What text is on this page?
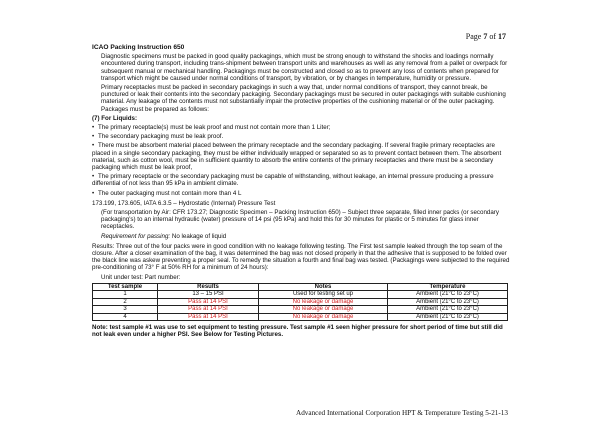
Page 7 of 17
ICAO Packing Instruction 650
Diagnostic specimens must be packed in good quality packagings, which must be strong enough to withstand the shocks and loadings normally encountered during transport, including trans-shipment between transport units and warehouses as well as any removal from a pallet or overpack for subsequent manual or mechanical handling. Packagings must be constructed and closed so as to prevent any loss of contents when prepared for transport which might be caused under normal conditions of transport, by vibration, or by changes in temperature, humidity or pressure.
Primary receptacles must be packed in secondary packagings in such a way that, under normal conditions of transport, they cannot break, be punctured or leak their contents into the secondary packaging. Secondary packagings must be secured in outer packagings with suitable cushioning material. Any leakage of the contents must not substantially impair the protective properties of the cushioning material or of the outer packaging. Packages must be prepared as follows:
(7) For Liquids:
• The primary receptacle(s) must be leak proof and must not contain more than 1 Liter;
• The secondary packaging must be leak proof.
• There must be absorbent material placed between the primary receptacle and the secondary packaging. If several fragile primary receptacles are placed in a single secondary packaging, they must be either individually wrapped or separated so as to prevent contact between them. The absorbent material, such as cotton wool, must be in sufficient quantity to absorb the entire contents of the primary receptacles and there must be a secondary packaging which must be leak proof,
• The primary receptacle or the secondary packaging must be capable of withstanding, without leakage, an internal pressure producing a pressure differential of not less than 95 kPa in ambient climate.
• The outer packaging must not contain more than 4 L
173.199, 173.605, IATA 6.3.5 – Hydrostatic (Internal) Pressure Test
(For transportation by Air: CFR 173.27; Diagnostic Specimen – Packing Instruction 650) – Subject three separate, filled inner packs (or secondary packaging's) to an internal hydraulic (water) pressure of 14 psi (95 kPa) and hold this for 30 minutes for plastic or 5 minutes for glass inner receptacles.
Requirement for passing: No leakage of liquid
Results: Three out of the four packs were in good condition with no leakage following testing. The First test sample leaked through the top seam of the closure. After a closer examination of the bag, it was determined the bag was not closed properly in that the adhesive that is supposed to be folded over the black line was askew preventing a proper seal. To remedy the situation a fourth and final bag was tested. (Packagings were subjected to the required pre-conditioning of 73° F at 50% RH for a minimum of 24 hours):
Unit under test: Part number:
Test sample	Results	Notes	Temperature
1	13 – 15 PSI	Used for testing set up	Ambient (21°C to 23°C)
2	Pass at 14 PSI	No leakage or damage	Ambient (21°C to 23°C)
3	Pass at 14 PSI	No leakage or damage	Ambient (21°C to 23°C)
4	Pass at 14 PSI	No leakage or damage	Ambient (21°C to 23°C)
Note: test sample #1 was use to set equipment to testing pressure. Test sample #1 seen higher pressure for short period of time but still did not leak even under a higher PSI. See Below for Testing Pictures.
Advanced International Corporation HPT & Temperature Testing 5-21-13
